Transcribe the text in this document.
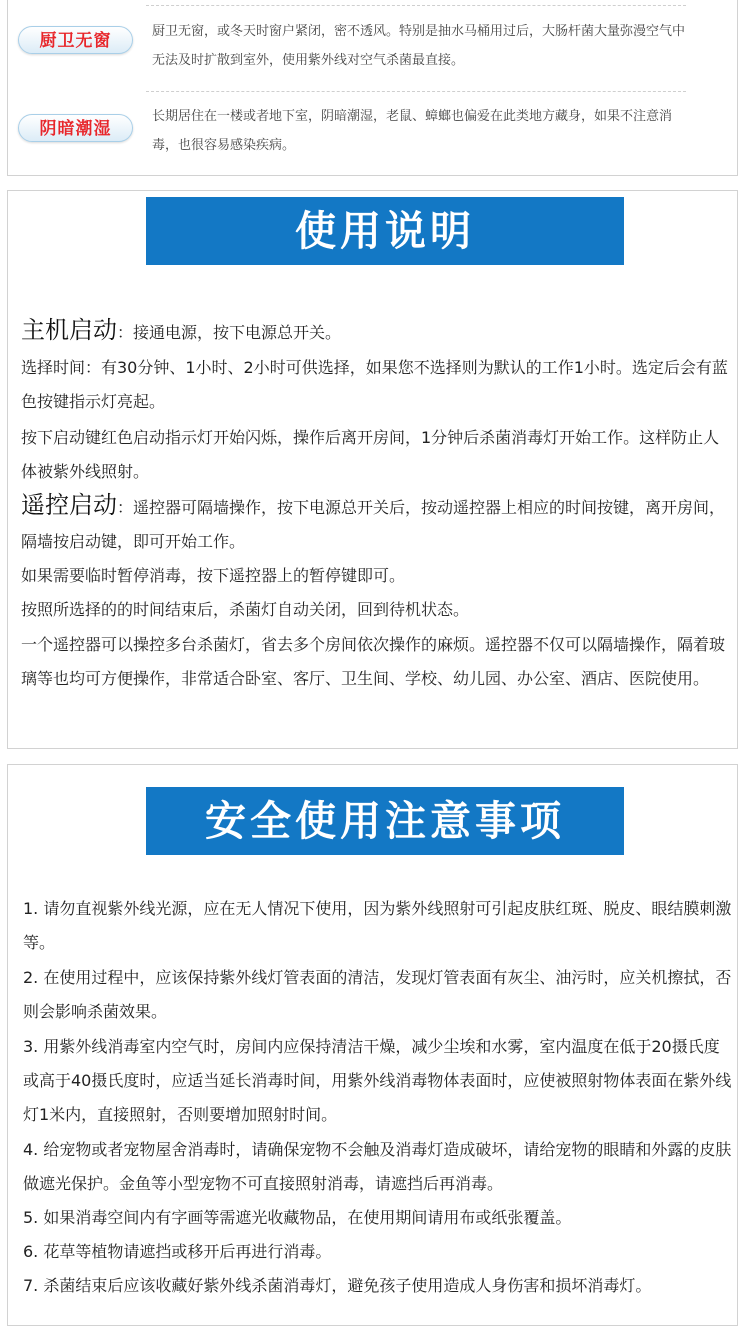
厨卫无窗	厨卫无窗，或冬天时窗户紧闭，密不透风。特别是抽水马桶用过后，大肠杆菌大量弥漫空气中无法及时扩散到室外，使用紫外线对空气杀菌最直接。
阴暗潮湿
长期居住在一楼或者地下室，阴暗潮湿，老鼠、蟑螂也偏爱在此类地方藏身，如果不注意消毒，也很容易感染疾病。
使用说明
主机启动：接通电源，按下电源总开关。
选择时间：有30分钟、1小时、2小时可供选择，如果您不选择则为默认的工作1小时。选定后会有蓝色按键指示灯亮起。
按下启动键红色启动指示灯开始闪烁，操作后离开房间，1分钟后杀菌消毒灯开始工作。这样防止人体被紫外线照射。
遥控启动：遥控器可隔墙操作，按下电源总开关后，按动遥控器上相应的时间按键，离开房间，隔墙按启动键，即可开始工作。
如果需要临时暂停消毒，按下遥控器上的暂停键即可。
按照所选择的的时间结束后，杀菌灯自动关闭，回到待机状态。
一个遥控器可以操控多台杀菌灯，省去多个房间依次操作的麻烦。遥控器不仅可以隔墙操作，隔着玻璃等也均可方便操作，非常适合卧室、客厅、卫生间、学校、幼儿园、办公室、酒店、医院使用。
安全使用注意事项
1. 请勿直视紫外线光源，应在无人情况下使用，因为紫外线照射可引起皮肤红斑、脱皮、眼结膜刺激等。
2. 在使用过程中，应该保持紫外线灯管表面的清洁，发现灯管表面有灰尘、油污时，应关机擦拭，否则会影响杀菌效果。
3. 用紫外线消毒室内空气时，房间内应保持清洁干燥，减少尘埃和水雾，室内温度在低于20摄氏度或高于40摄氏度时，应适当延长消毒时间，用紫外线消毒物体表面时，应使被照射物体表面在紫外线灯1米内，直接照射，否则要增加照射时间。
4. 给宠物或者宠物屋舍消毒时，请确保宠物不会触及消毒灯造成破坏，请给宠物的眼睛和外露的皮肤做遮光保护。金鱼等小型宠物不可直接照射消毒，请遮挡后再消毒。
5. 如果消毒空间内有字画等需遮光收藏物品，在使用期间请用布或纸张覆盖。
6. 花草等植物请遮挡或移开后再进行消毒。
7. 杀菌结束后应该收藏好紫外线杀菌消毒灯，避免孩子使用造成人身伤害和损坏消毒灯。
